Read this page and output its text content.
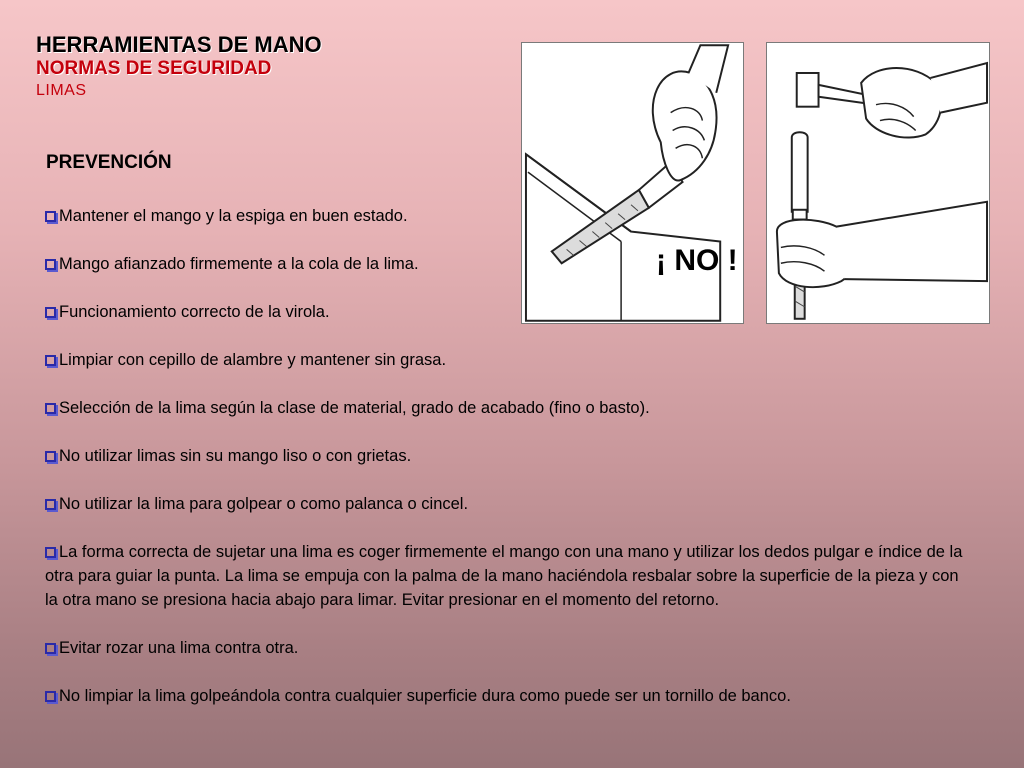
HERRAMIENTAS DE MANO
NORMAS DE SEGURIDAD
LIMAS
¡ NO !
PREVENCIÓN
Mantener el mango y la espiga en buen estado.
Mango afianzado firmemente a la cola de la lima.
Funcionamiento correcto de la virola.
Limpiar con cepillo de alambre y mantener sin grasa.
Selección de la lima según la clase de material, grado de acabado (fino o basto).
No utilizar limas sin su mango liso o con grietas.
No utilizar la lima para golpear o como palanca o cincel.
La forma correcta de sujetar una lima es coger firmemente el mango con una mano y utilizar los dedos pulgar e índice de la otra para guiar la punta. La lima se empuja con la palma de la mano haciéndola resbalar sobre la superficie de la pieza y con la otra mano se presiona hacia abajo para limar. Evitar presionar en el momento del retorno.
Evitar rozar una lima contra otra.
No limpiar la lima golpeándola contra cualquier superficie dura como puede ser un tornillo de banco.
